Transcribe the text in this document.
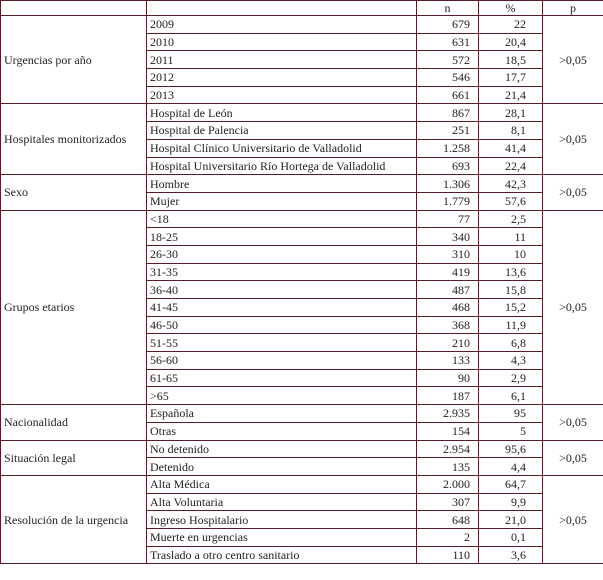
		n	%	p
Urgencias por año	2009	679	22	>0,05
	2010	631	20,4	
	2011	572	18,5	
	2012	546	17,7	
	2013	661	21,4	
Hospitales monitorizados	Hospital de León	867	28,1	>0,05
	Hospital de Palencia	251	8,1	
	Hospital Clínico Universitario de Valladolid	1.258	41,4	
	Hospital Universitario Río Hortega de Valladolid	693	22,4	
Sexo	Hombre	1.306	42,3	>0,05
	Mujer	1.779	57,6	
Grupos etarios	<18	77	2,5	>0,05
	18-25	340	11	
	26-30	310	10	
	31-35	419	13,6	
	36-40	487	15,8	
	41-45	468	15,2	
	46-50	368	11,9	
	51-55	210	6,8	
	56-60	133	4,3	
	61-65	90	2,9	
	>65	187	6,1	
Nacionalidad	Española	2.935	95	>0,05
	Otras	154	5	
Situación legal	No detenido	2.954	95,6	>0,05
	Detenido	135	4,4	
Resolución de la urgencia	Alta Médica	2.000	64,7	>0,05
	Alta Voluntaria	307	9,9	
	Ingreso Hospitalario	648	21,0	
	Muerte en urgencias	2	0,1	
	Traslado a otro centro sanitario	110	3,6	
